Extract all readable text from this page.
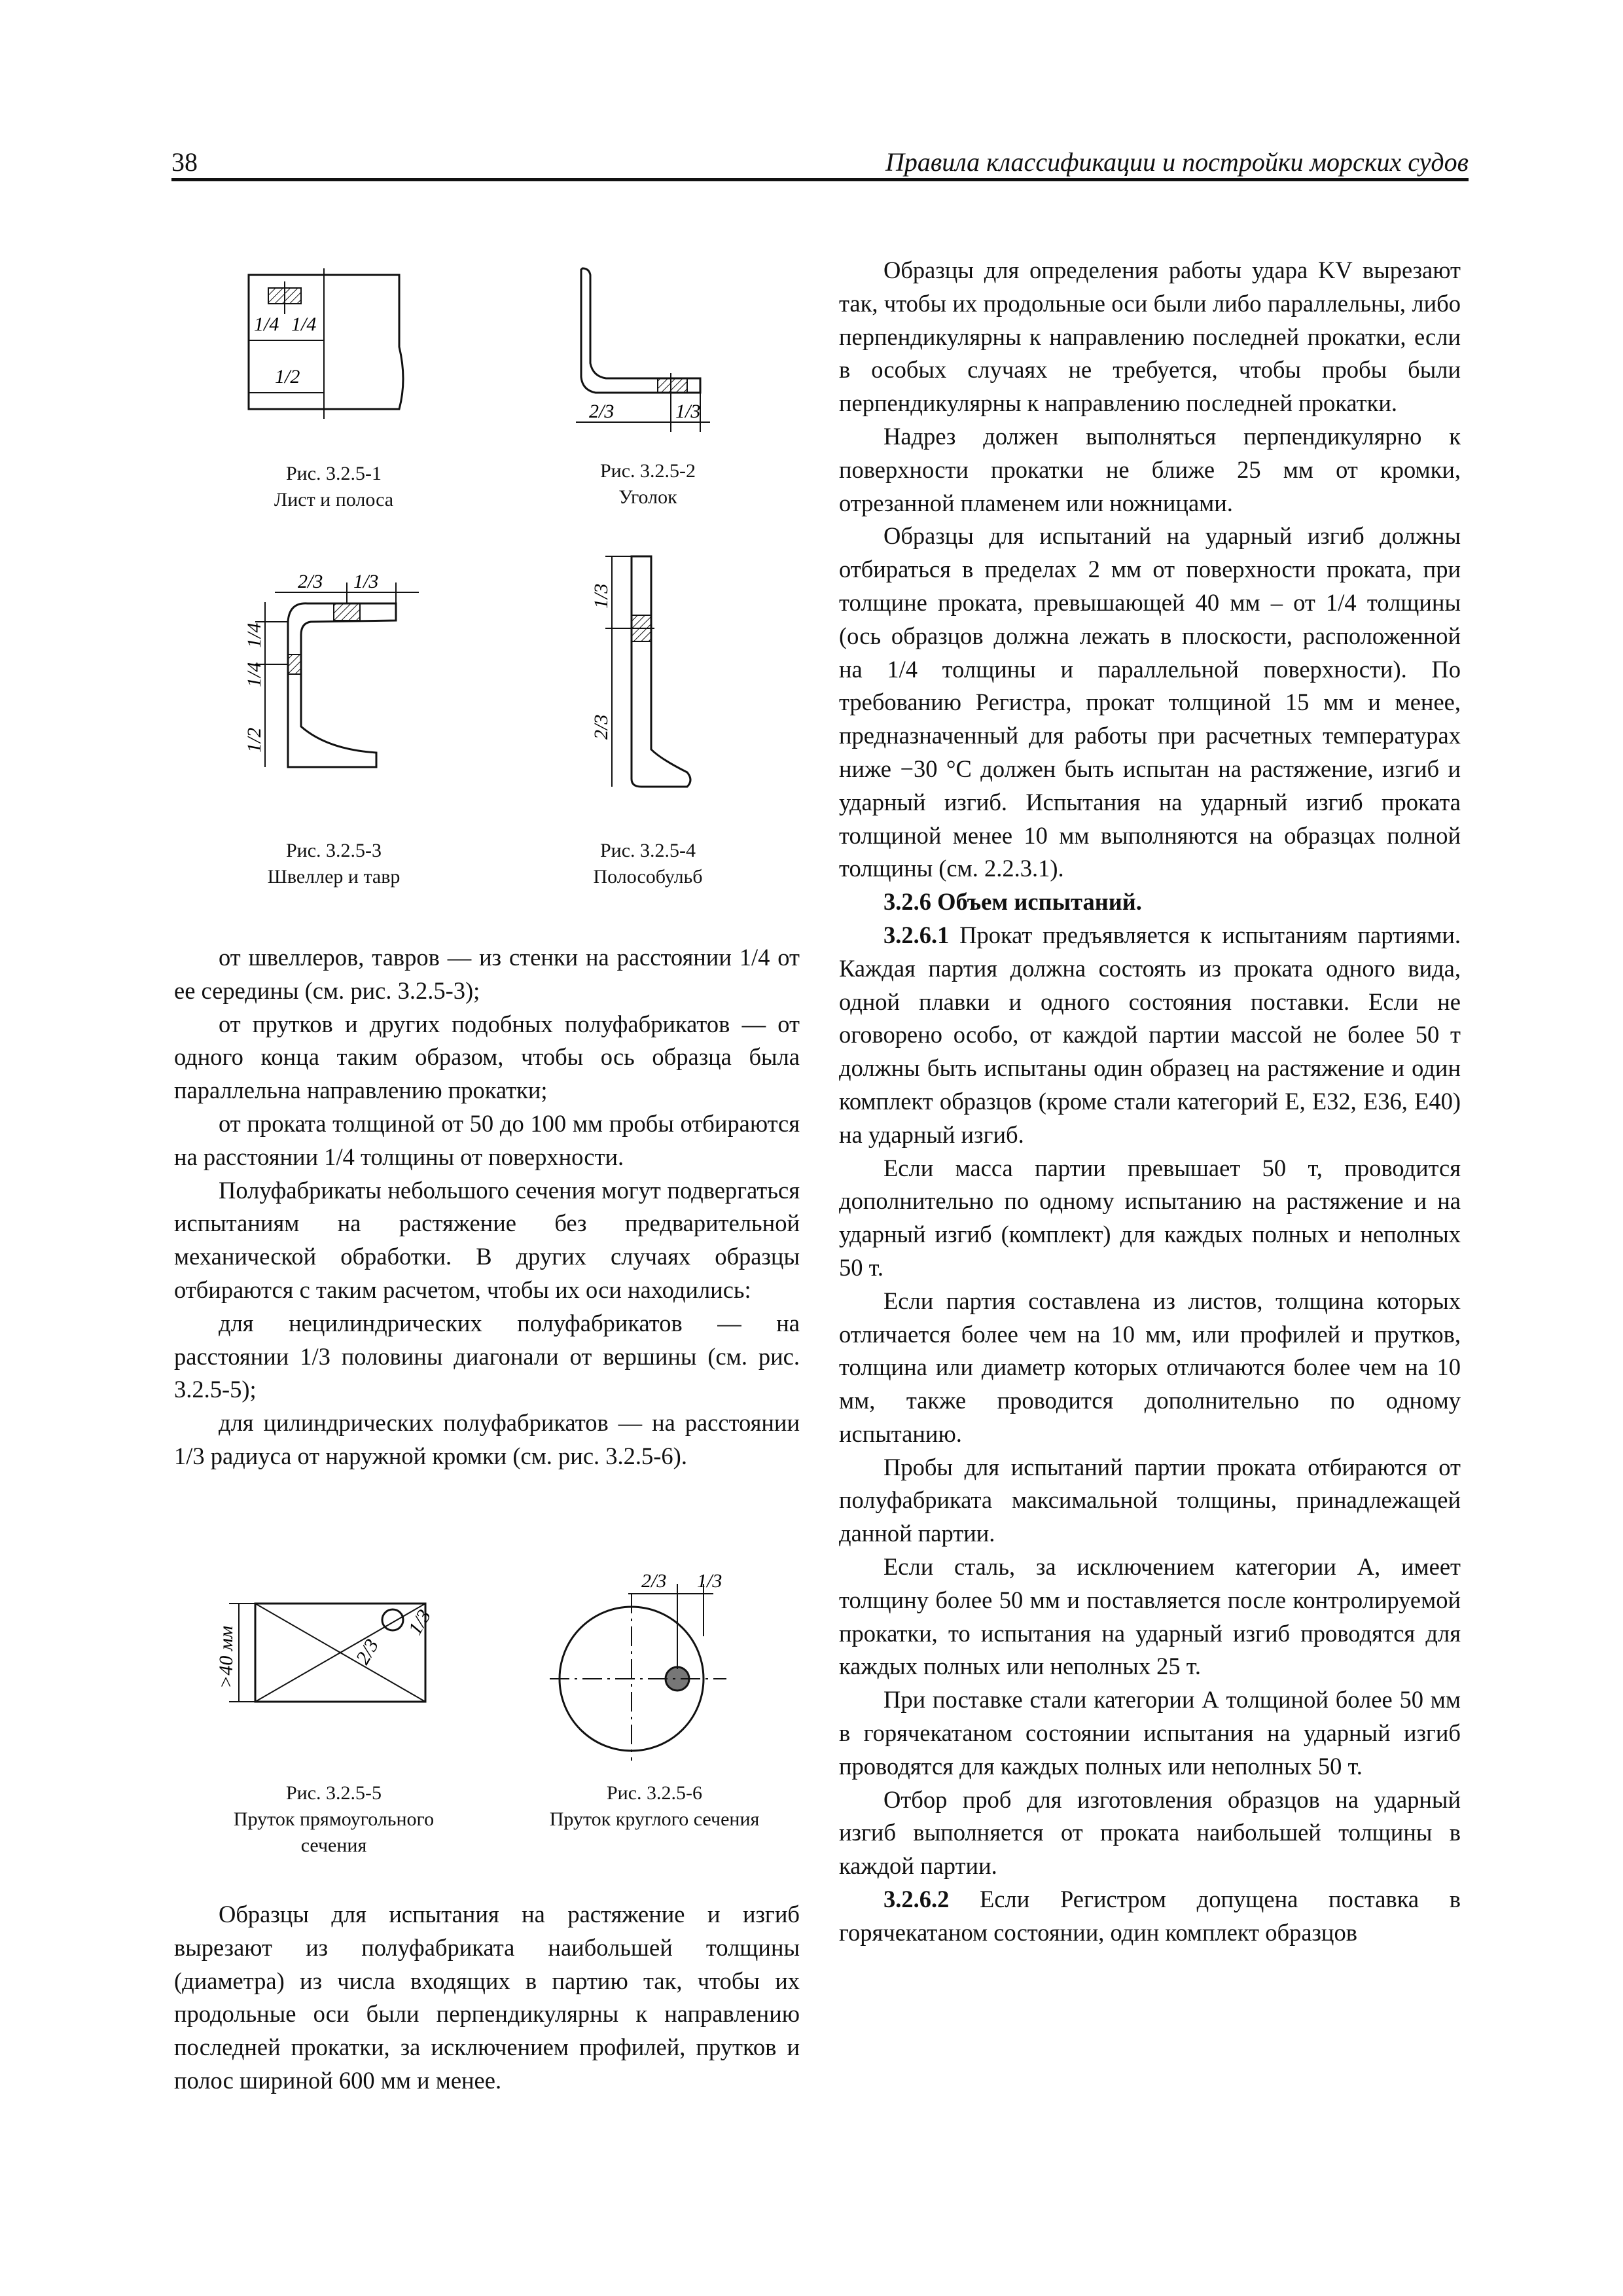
38	Правила классификации и постройки морских судов
1/4 1/4
1/2
Рис. 3.2.5-1
Лист и полоса
2/3	1/3
Рис. 3.2.5-2
Уголок
2/3 1/3
1/4
1/4
1/2
Рис. 3.2.5-3
Швеллер и тавр
1/3
2/3
Рис. 3.2.5-4
Полособульб
>40 мм	2/3
1/3
Рис. 3.2.5-5
Пруток прямоугольного сечения
2/3 1/3
Рис. 3.2.5-6
Пруток круглого сечения

от швеллеров, тавров — из стенки на расстоянии 1/4 от ее середины (см. рис. 3.2.5-3);

от прутков и других подобных полуфабрикатов — от одного конца таким образом, чтобы ось образца была параллельна направлению прокатки;

от проката толщиной от 50 до 100 мм пробы отбираются на расстоянии 1/4 толщины от поверхности.

Полуфабрикаты небольшого сечения могут подвергаться испытаниям на растяжение без предварительной механической обработки. В других случаях образцы отбираются с таким расчетом, чтобы их оси находились:

для нецилиндрических полуфабрикатов — на расстоянии 1/3 половины диагонали от вершины (см. рис. 3.2.5-5);

для цилиндрических полуфабрикатов — на расстоянии 1/3 радиуса от наружной кромки (см. рис. 3.2.5-6).

Образцы для испытания на растяжение и изгиб вырезают из полуфабриката наибольшей толщины (диаметра) из числа входящих в партию так, чтобы их продольные оси были перпендикулярны к направлению последней прокатки, за исключением профилей, прутков и полос шириной 600 мм и менее.

Образцы для определения работы удара KV вырезают так, чтобы их продольные оси были либо параллельны, либо перпендикулярны к направлению последней прокатки, если в особых случаях не требуется, чтобы пробы были перпендикулярны к направлению последней прокатки.

Надрез должен выполняться перпендикулярно к поверхности прокатки не ближе 25 мм от кромки, отрезанной пламенем или ножницами.

Образцы для испытаний на ударный изгиб должны отбираться в пределах 2 мм от поверхности проката, при толщине проката, превышающей 40 мм – от 1/4 толщины (ось образцов должна лежать в плоскости, расположенной на 1/4 толщины и параллельной поверхности). По требованию Регистра, прокат толщиной 15 мм и менее, предназначенный для работы при расчетных температурах ниже −30 °С должен быть испытан на растяжение, изгиб и ударный изгиб. Испытания на ударный изгиб проката толщиной менее 10 мм выполняются на образцах полной толщины (см. 2.2.3.1).

3.2.6 Объем испытаний.

3.2.6.1 Прокат предъявляется к испытаниям партиями. Каждая партия должна состоять из проката одного вида, одной плавки и одного состояния поставки. Если не оговорено особо, от каждой партии массой не более 50 т должны быть испытаны один образец на растяжение и один комплект образцов (кроме стали категорий E, E32, E36, E40) на ударный изгиб.

Если масса партии превышает 50 т, проводится дополнительно по одному испытанию на растяжение и на ударный изгиб (комплект) для каждых полных и неполных 50 т.

Если партия составлена из листов, толщина которых отличается более чем на 10 мм, или профилей и прутков, толщина или диаметр которых отличаются более чем на 10 мм, также проводится дополнительно по одному испытанию.

Пробы для испытаний партии проката отбираются от полуфабриката максимальной толщины, принадлежащей данной партии.

Если сталь, за исключением категории А, имеет толщину более 50 мм и поставляется после контролируемой прокатки, то испытания на ударный изгиб проводятся для каждых полных или неполных 25 т.

При поставке стали категории А толщиной более 50 мм в горячекатаном состоянии испытания на ударный изгиб проводятся для каждых полных или неполных 50 т.

Отбор проб для изготовления образцов на ударный изгиб выполняется от проката наибольшей толщины в каждой партии.

3.2.6.2 Если Регистром допущена поставка в горячекатаном состоянии, один комплект образцов
